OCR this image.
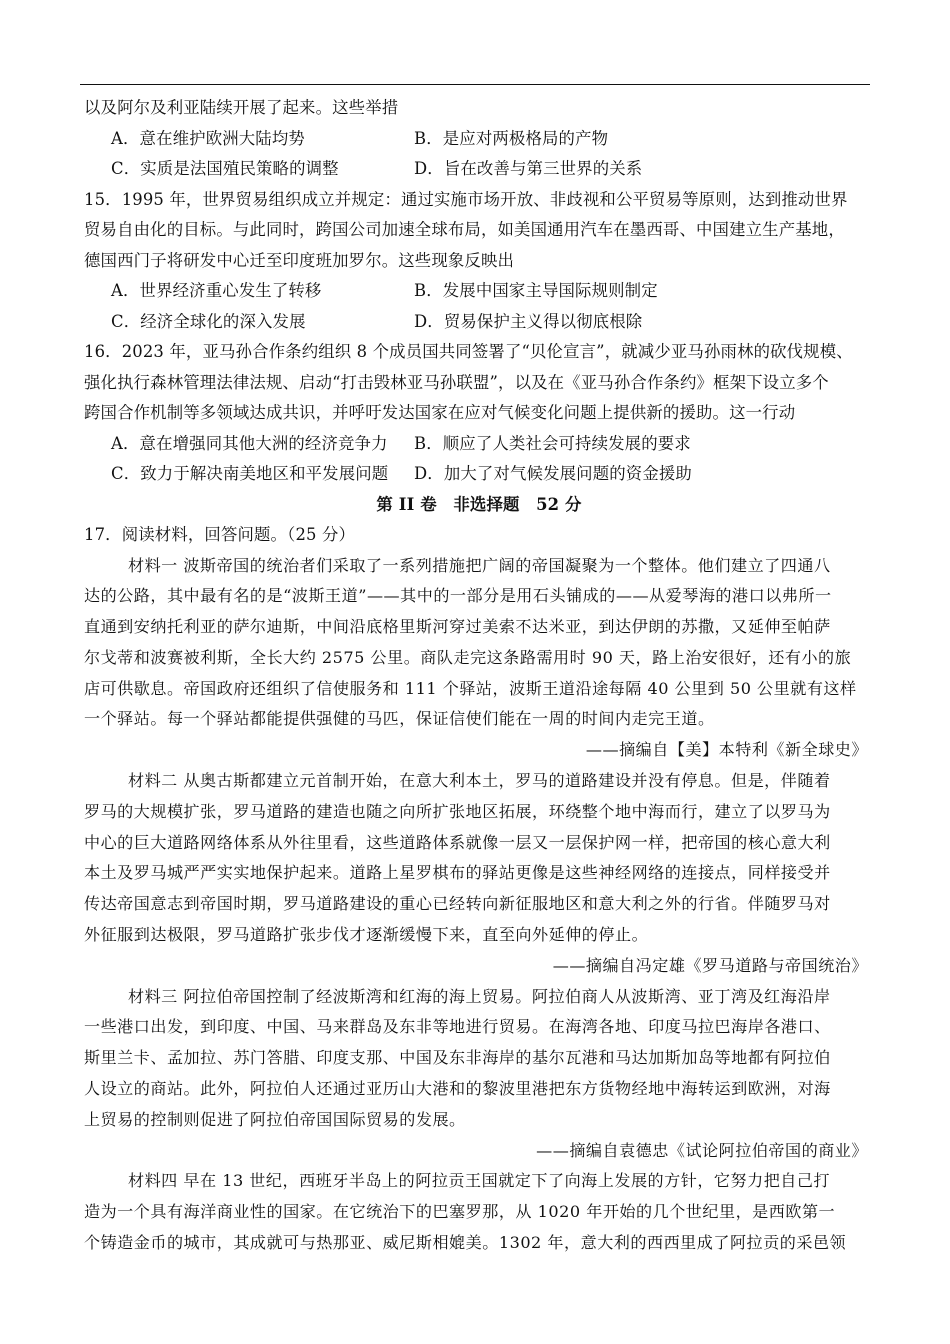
以及阿尔及利亚陆续开展了起来。这些举措
A．意在维护欧洲大陆均势	B．是应对两极格局的产物
C．实质是法国殖民策略的调整	D．旨在改善与第三世界的关系
15．1995 年，世界贸易组织成立并规定：通过实施市场开放、非歧视和公平贸易等原则，达到推动世界
贸易自由化的目标。与此同时，跨国公司加速全球布局，如美国通用汽车在墨西哥、中国建立生产基地，
德国西门子将研发中心迁至印度班加罗尔。这些现象反映出
A．世界经济重心发生了转移	B．发展中国家主导国际规则制定
C．经济全球化的深入发展	D．贸易保护主义得以彻底根除
16．2023 年，亚马孙合作条约组织 8 个成员国共同签署了“贝伦宣言”，就减少亚马孙雨林的砍伐规模、
强化执行森林管理法律法规、启动“打击毁林亚马孙联盟”，以及在《亚马孙合作条约》框架下设立多个
跨国合作机制等多领域达成共识，并呼吁发达国家在应对气候变化问题上提供新的援助。这一行动
A．意在增强同其他大洲的经济竞争力	B．顺应了人类社会可持续发展的要求
C．致力于解决南美地区和平发展问题	D．加大了对气候发展问题的资金援助
第 II 卷　非选择题　52 分
17．阅读材料，回答问题。（25 分）
材料一 波斯帝国的统治者们采取了一系列措施把广阔的帝国凝聚为一个整体。他们建立了四通八
达的公路，其中最有名的是“波斯王道”——其中的一部分是用石头铺成的——从爱琴海的港口以弗所一
直通到安纳托利亚的萨尔迪斯，中间沿底格里斯河穿过美索不达米亚，到达伊朗的苏撒，又延伸至帕萨
尔戈蒂和波赛被利斯，全长大约 2575 公里。商队走完这条路需用时 90 天，路上治安很好，还有小的旅
店可供歇息。帝国政府还组织了信使服务和 111 个驿站，波斯王道沿途每隔 40 公里到 50 公里就有这样
一个驿站。每一个驿站都能提供强健的马匹，保证信使们能在一周的时间内走完王道。
——摘编自【美】本特利《新全球史》
材料二 从奥古斯都建立元首制开始，在意大利本土，罗马的道路建设并没有停息。但是，伴随着
罗马的大规模扩张，罗马道路的建造也随之向所扩张地区拓展，环绕整个地中海而行，建立了以罗马为
中心的巨大道路网络体系从外往里看，这些道路体系就像一层又一层保护网一样，把帝国的核心意大利
本土及罗马城严严实实地保护起来。道路上星罗棋布的驿站更像是这些神经网络的连接点，同样接受并
传达帝国意志到帝国时期，罗马道路建设的重心已经转向新征服地区和意大利之外的行省。伴随罗马对
外征服到达极限，罗马道路扩张步伐才逐渐缓慢下来，直至向外延伸的停止。
——摘编自冯定雄《罗马道路与帝国统治》
材料三 阿拉伯帝国控制了经波斯湾和红海的海上贸易。阿拉伯商人从波斯湾、亚丁湾及红海沿岸
一些港口出发，到印度、中国、马来群岛及东非等地进行贸易。在海湾各地、印度马拉巴海岸各港口、
斯里兰卡、孟加拉、苏门答腊、印度支那、中国及东非海岸的基尔瓦港和马达加斯加岛等地都有阿拉伯
人设立的商站。此外，阿拉伯人还通过亚历山大港和的黎波里港把东方货物经地中海转运到欧洲，对海
上贸易的控制则促进了阿拉伯帝国国际贸易的发展。
——摘编自袁德忠《试论阿拉伯帝国的商业》
材料四 早在 13 世纪，西班牙半岛上的阿拉贡王国就定下了向海上发展的方针，它努力把自己打
造为一个具有海洋商业性的国家。在它统治下的巴塞罗那，从 1020 年开始的几个世纪里，是西欧第一
个铸造金币的城市，其成就可与热那亚、威尼斯相媲美。1302 年，意大利的西西里成了阿拉贡的采邑领
